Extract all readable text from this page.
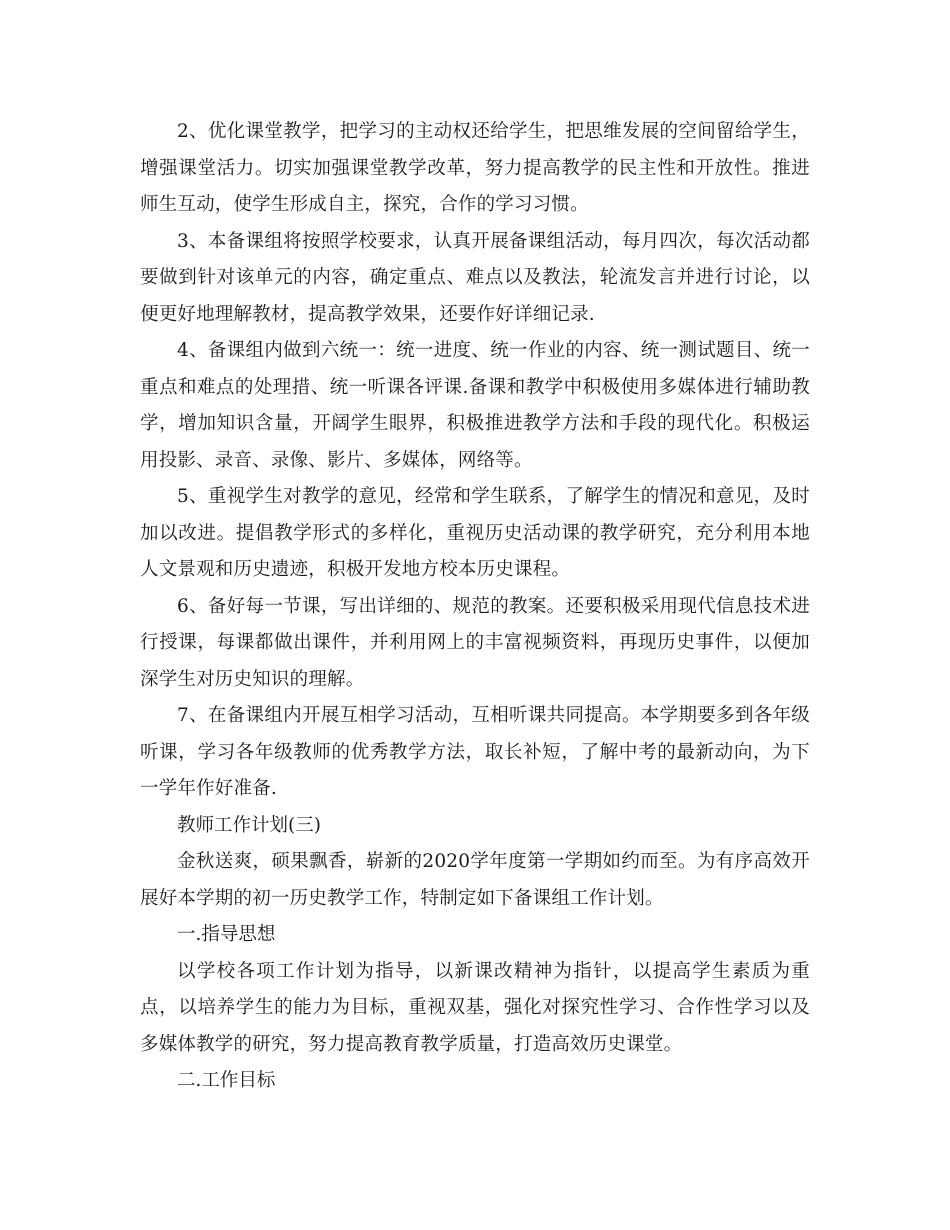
2、优化课堂教学，把学习的主动权还给学生，把思维发展的空间留给学生，增强课堂活力。切实加强课堂教学改革，努力提高教学的民主性和开放性。推进师生互动，使学生形成自主，探究，合作的学习习惯。

3、本备课组将按照学校要求，认真开展备课组活动，每月四次，每次活动都要做到针对该单元的内容，确定重点、难点以及教法，轮流发言并进行讨论，以便更好地理解教材，提高教学效果，还要作好详细记录.

4、备课组内做到六统一：统一进度、统一作业的内容、统一测试题目、统一重点和难点的处理措、统一听课各评课.备课和教学中积极使用多媒体进行辅助教学，增加知识含量，开阔学生眼界，积极推进教学方法和手段的现代化。积极运用投影、录音、录像、影片、多媒体，网络等。

5、重视学生对教学的意见，经常和学生联系，了解学生的情况和意见，及时加以改进。提倡教学形式的多样化，重视历史活动课的教学研究，充分利用本地人文景观和历史遗迹，积极开发地方校本历史课程。

6、备好每一节课，写出详细的、规范的教案。还要积极采用现代信息技术进行授课，每课都做出课件，并利用网上的丰富视频资料，再现历史事件，以便加深学生对历史知识的理解。

7、在备课组内开展互相学习活动，互相听课共同提高。本学期要多到各年级听课，学习各年级教师的优秀教学方法，取长补短，了解中考的最新动向，为下一学年作好准备.

教师工作计划(三)

金秋送爽，硕果飘香，崭新的2020学年度第一学期如约而至。为有序高效开展好本学期的初一历史教学工作，特制定如下备课组工作计划。

一.指导思想

以学校各项工作计划为指导，以新课改精神为指针，以提高学生素质为重点，以培养学生的能力为目标，重视双基，强化对探究性学习、合作性学习以及多媒体教学的研究，努力提高教育教学质量，打造高效历史课堂。

二.工作目标
